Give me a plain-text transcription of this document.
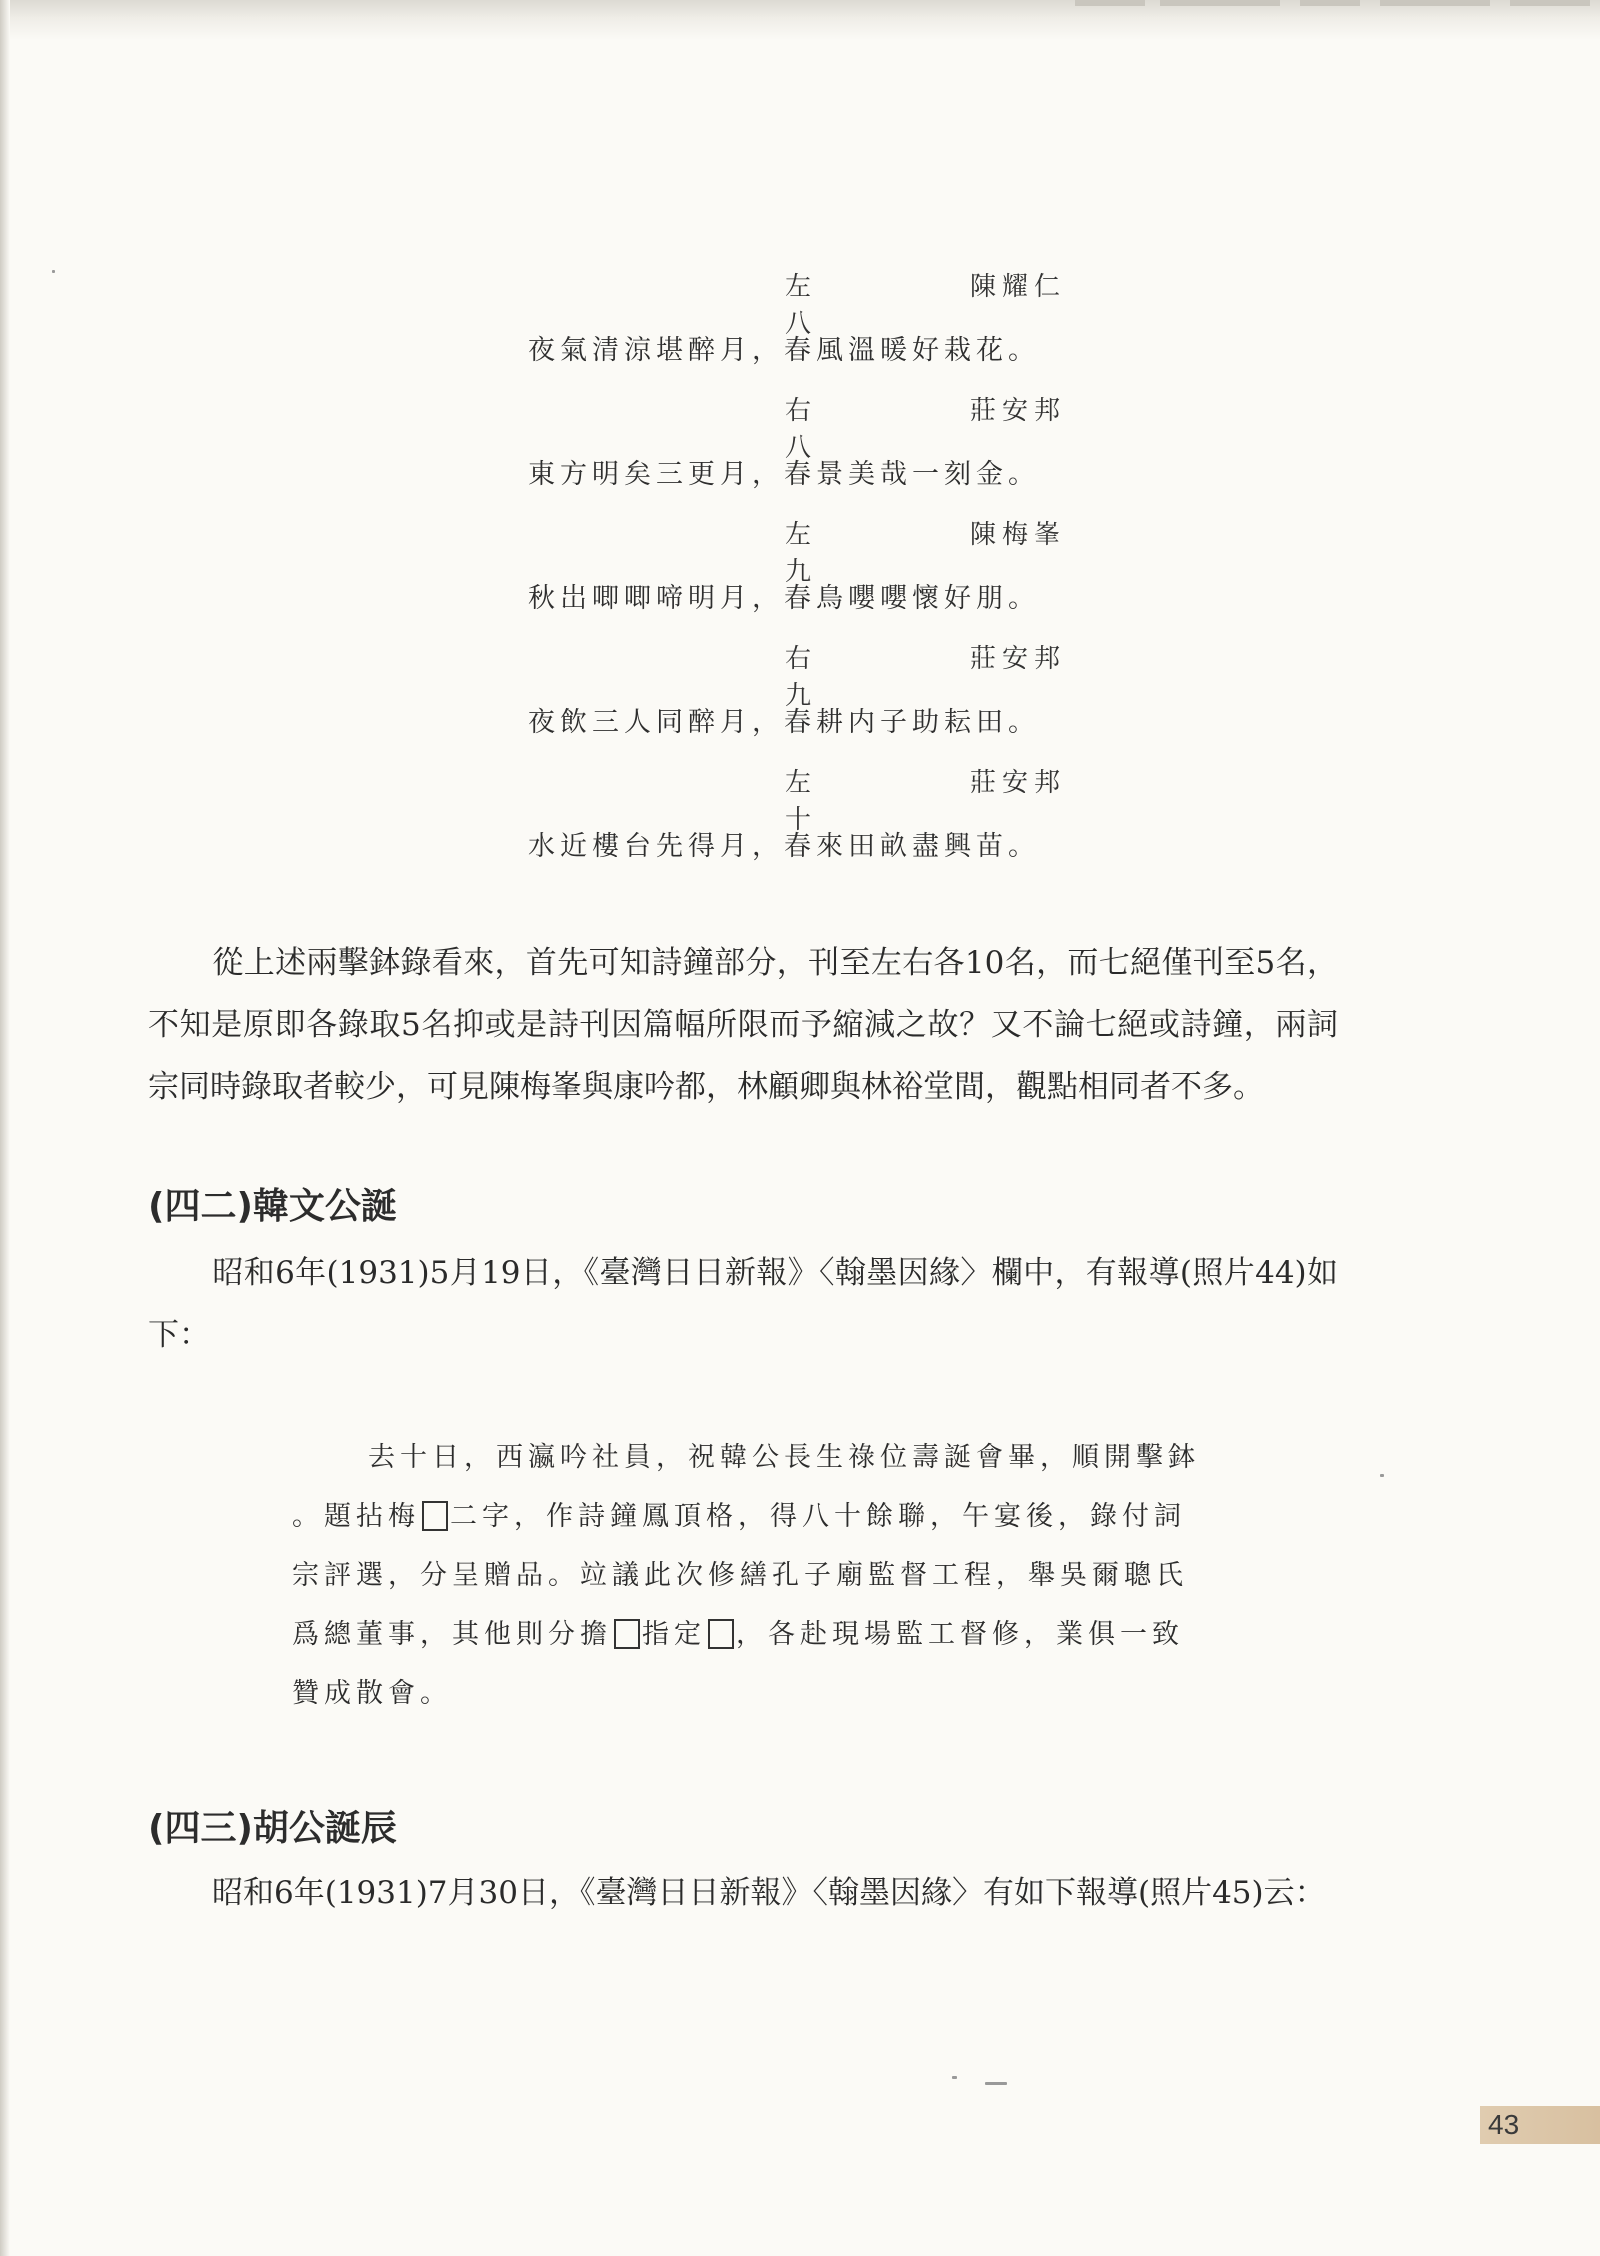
左八
陳耀仁
夜氣清涼堪醉月，春風溫暖好栽花。
右八
莊安邦
東方明矣三更月，春景美哉一刻金。
左九
陳梅峯
秋岀唧唧啼明月，春鳥嚶嚶懷好朋。
右九
莊安邦
夜飲三人同醉月，春耕内子助耘田。
左十
莊安邦
水近樓台先得月，春來田畝盡興苗。
從上述兩擊鉢錄看來，首先可知詩鐘部分，刊至左右各10名，而七絕僅刊至5名，不知是原即各錄取5名抑或是詩刊因篇幅所限而予縮減之故？又不論七絕或詩鐘，兩詞宗同時錄取者較少，可見陳梅峯與康吟都，林顧卿與林裕堂間，觀點相同者不多。
(四二)韓文公誕
昭和6年(1931)5月19日，《臺灣日日新報》〈翰墨因緣〉欄中，有報導(照片44)如下：
去十日，西瀛吟社員，祝韓公長生祿位壽誕會畢，順開擊鉢
。題拈梅 二字，作詩鐘鳳頂格，得八十餘聯，午宴後，錄付詞
宗評選，分呈贈品。竝議此次修繕孔子廟監督工程，舉吳爾聰氏
爲總董事，其他則分擔 指定 ，各赴現場監工督修，業俱一致
贊成散會。
(四三)胡公誕辰
昭和6年(1931)7月30日，《臺灣日日新報》〈翰墨因緣〉有如下報導(照片45)云：
43
